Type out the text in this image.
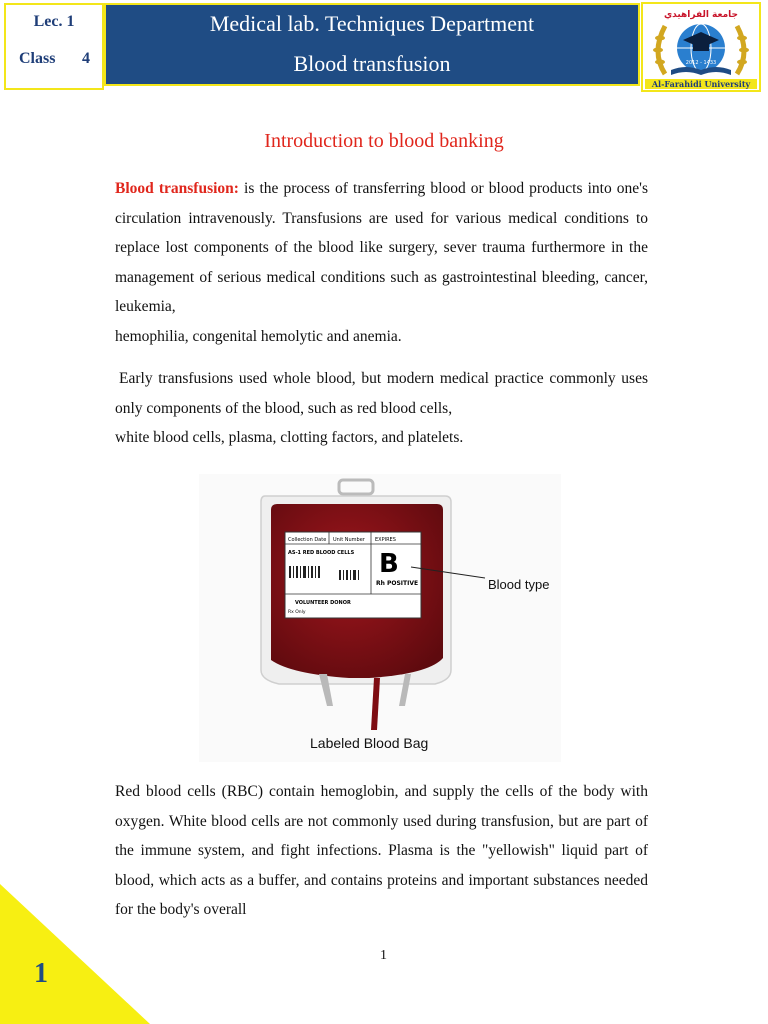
Lec. 1
Class 4
Medical lab. Techniques Department
Blood transfusion
جامعة الفراهيدي
2012 - 1433
Al-Farahidi University
Introduction to blood banking

Blood transfusion: is the process of transferring blood or blood products into one's circulation intravenously. Transfusions are used for various medical conditions to replace lost components of the blood like surgery, sever trauma furthermore in the management of serious medical conditions such as gastrointestinal bleeding, cancer, leukemia,
hemophilia, congenital hemolytic and anemia.

Early transfusions used whole blood, but modern medical practice commonly uses only components of the blood, such as red blood cells,
white blood cells, plasma, clotting factors, and platelets.

Collection Date Unit Number EXPIRES
AS-1 RED BLOOD CELLS B
Rh POSITIVE
VOLUNTEER DONOR
Rx Only
Blood type
Labeled Blood Bag

Red blood cells (RBC) contain hemoglobin, and supply the cells of the body with oxygen. White blood cells are not commonly used during transfusion, but are part of the immune system, and fight infections. Plasma is the "yellowish" liquid part of blood, which acts as a buffer, and contains proteins and important substances needed for the body's overall

1
1
